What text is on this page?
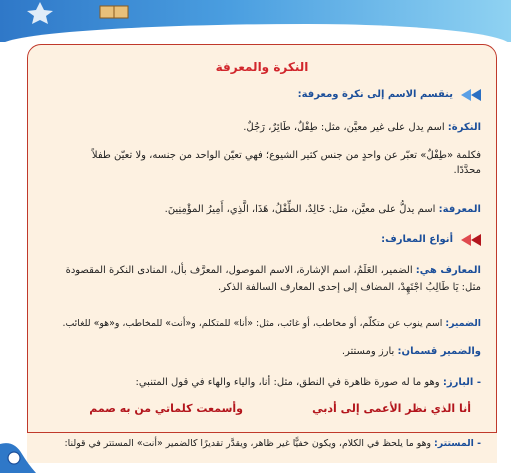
النكرة والمعرفة
ينقسم الاسم إلى نكرة ومعرفة:
النكرة: اسم يدل على غير معيَّن، مثل: طِفْلٌ، طَائِرٌ، رَجُلٌ.
فكلمة «طِفْلٌ» تعبّر عن واحدٍ من جنس كثير الشيوع؛ فهي تعيّن الواحد من جنسه، ولا تعيّن طفلاً
محدَّدًا.
المعرفة: اسم يدلُّ على معيَّن، مثل: خَالِدٌ، الطِّفْلُ، هَذَا، الَّذِي، أَمِيرُ المؤْمِنِينَ.
أنواع المعارف:
المعارف هي: الضمير، العَلَمُ، اسم الإشارة، الاسم الموصول، المعرَّف بأل، المنادى النكرة المقصودة
مثل: يَا طَالِبُ اجْتَهِدْ، المضاف إلى إحدى المعارف السالفة الذكر.
الضمير: اسم ينوب عن متكلّم، أو مخاطب، أو غائب، مثل: «أنا» للمتكلم، و«أنت» للمخاطب، و«هو» للغائب.
والضمير قسمان: بارز ومستتر.
- البارز: وهو ما له صورة ظاهرة في النطق، مثل: أنا، والياء والهاء في قول المتنبي:
أنا الذي نظر الأعمى إلى أدبي
وأسمعت كلماتي من به صمم
- المستتر: وهو ما يلحظ في الكلام، ويكون خفيًّا غير ظاهر، ويقدَّر تقديرًا كالضمير «أنت» المستتر في قولنا:
